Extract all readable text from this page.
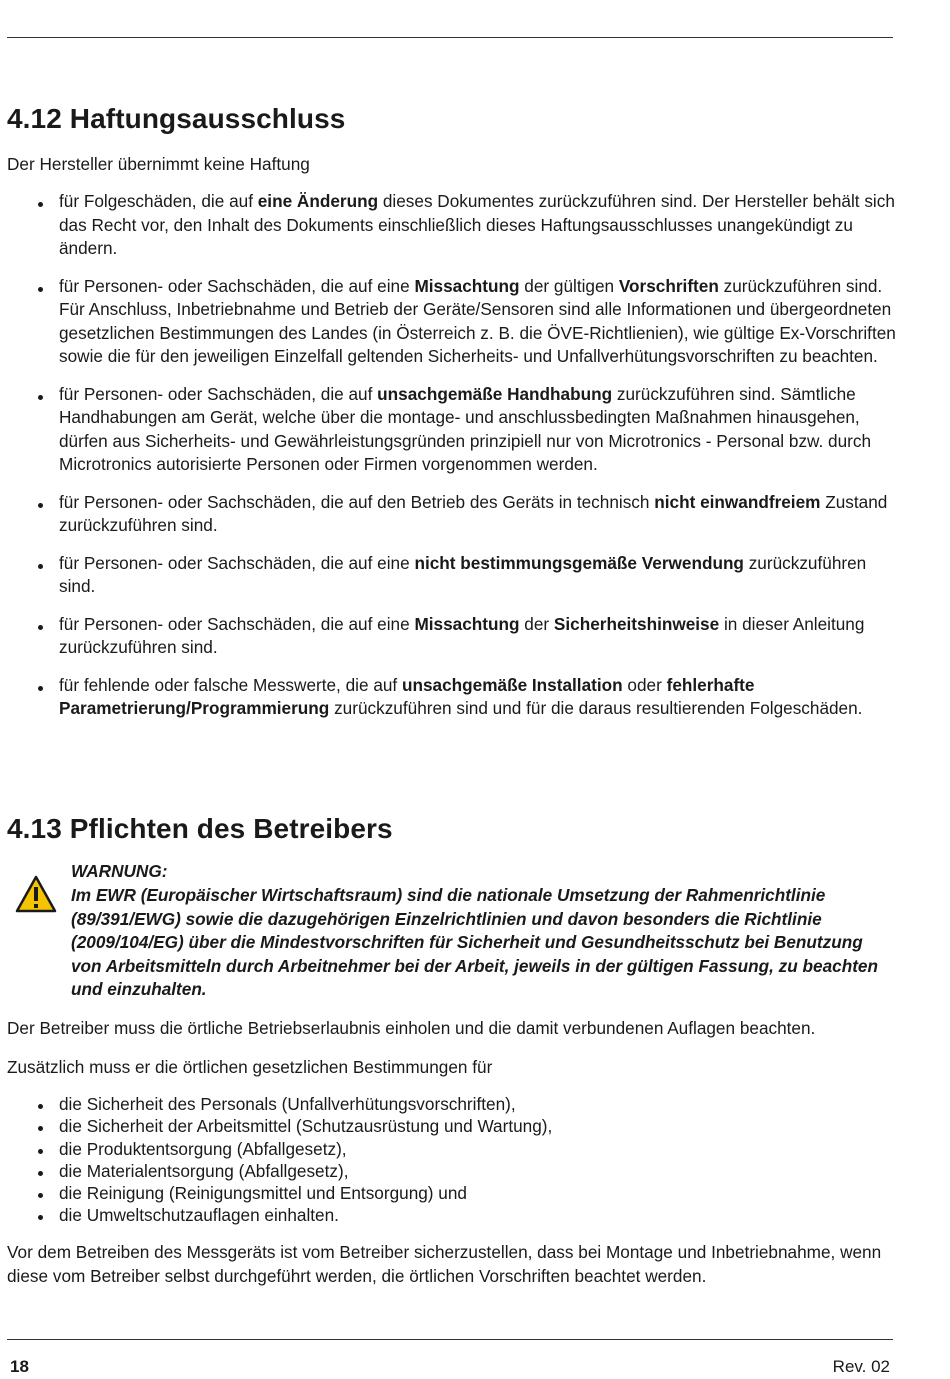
4.12 Haftungsausschluss

Der Hersteller übernimmt keine Haftung

für Folgeschäden, die auf eine Änderung dieses Dokumentes zurückzuführen sind. Der Hersteller behält sich das Recht vor, den Inhalt des Dokuments einschließlich dieses Haftungsausschlusses unangekündigt zu ändern.
für Personen- oder Sachschäden, die auf eine Missachtung der gültigen Vorschriften zurückzuführen sind. Für Anschluss, Inbetriebnahme und Betrieb der Geräte/Sensoren sind alle Informationen und übergeordneten gesetzlichen Bestimmungen des Landes (in Österreich z. B. die ÖVE-Richtlienien), wie gültige Ex-Vorschriften sowie die für den jeweiligen Einzelfall geltenden Sicherheits- und Unfallverhütungsvorschriften zu beachten.
für Personen- oder Sachschäden, die auf unsachgemäße Handhabung zurückzuführen sind. Sämtliche Handhabungen am Gerät, welche über die montage- und anschlussbedingten Maßnahmen hinausgehen, dürfen aus Sicherheits- und Gewährleistungsgründen prinzipiell nur von Microtronics - Personal bzw. durch Microtronics autorisierte Personen oder Firmen vorgenommen werden.
für Personen- oder Sachschäden, die auf den Betrieb des Geräts in technisch nicht einwandfreiem Zustand zurückzuführen sind.
für Personen- oder Sachschäden, die auf eine nicht bestimmungsgemäße Verwendung zurückzuführen sind.
für Personen- oder Sachschäden, die auf eine Missachtung der Sicherheitshinweise in dieser Anleitung zurückzuführen sind.
für fehlende oder falsche Messwerte, die auf unsachgemäße Installation oder fehlerhafte Parametrierung/Programmierung zurückzuführen sind und für die daraus resultierenden Folgeschäden.
4.13 Pflichten des Betreibers
WARNUNG:
Im EWR (Europäischer Wirtschaftsraum) sind die nationale Umsetzung der Rahmenrichtlinie (89/391/EWG) sowie die dazugehörigen Einzelrichtlinien und davon besonders die Richtlinie (2009/104/EG) über die Mindestvorschriften für Sicherheit und Gesundheitsschutz bei Benutzung von Arbeitsmitteln durch Arbeitnehmer bei der Arbeit, jeweils in der gültigen Fassung, zu beachten und einzuhalten.

Der Betreiber muss die örtliche Betriebserlaubnis einholen und die damit verbundenen Auflagen beachten.

Zusätzlich muss er die örtlichen gesetzlichen Bestimmungen für

die Sicherheit des Personals (Unfallverhütungsvorschriften),
die Sicherheit der Arbeitsmittel (Schutzausrüstung und Wartung),
die Produktentsorgung (Abfallgesetz),
die Materialentsorgung (Abfallgesetz),
die Reinigung (Reinigungsmittel und Entsorgung) und
die Umweltschutzauflagen einhalten.

Vor dem Betreiben des Messgeräts ist vom Betreiber sicherzustellen, dass bei Montage und Inbetriebnahme, wenn diese vom Betreiber selbst durchgeführt werden, die örtlichen Vorschriften beachtet werden.

18	Rev. 02
